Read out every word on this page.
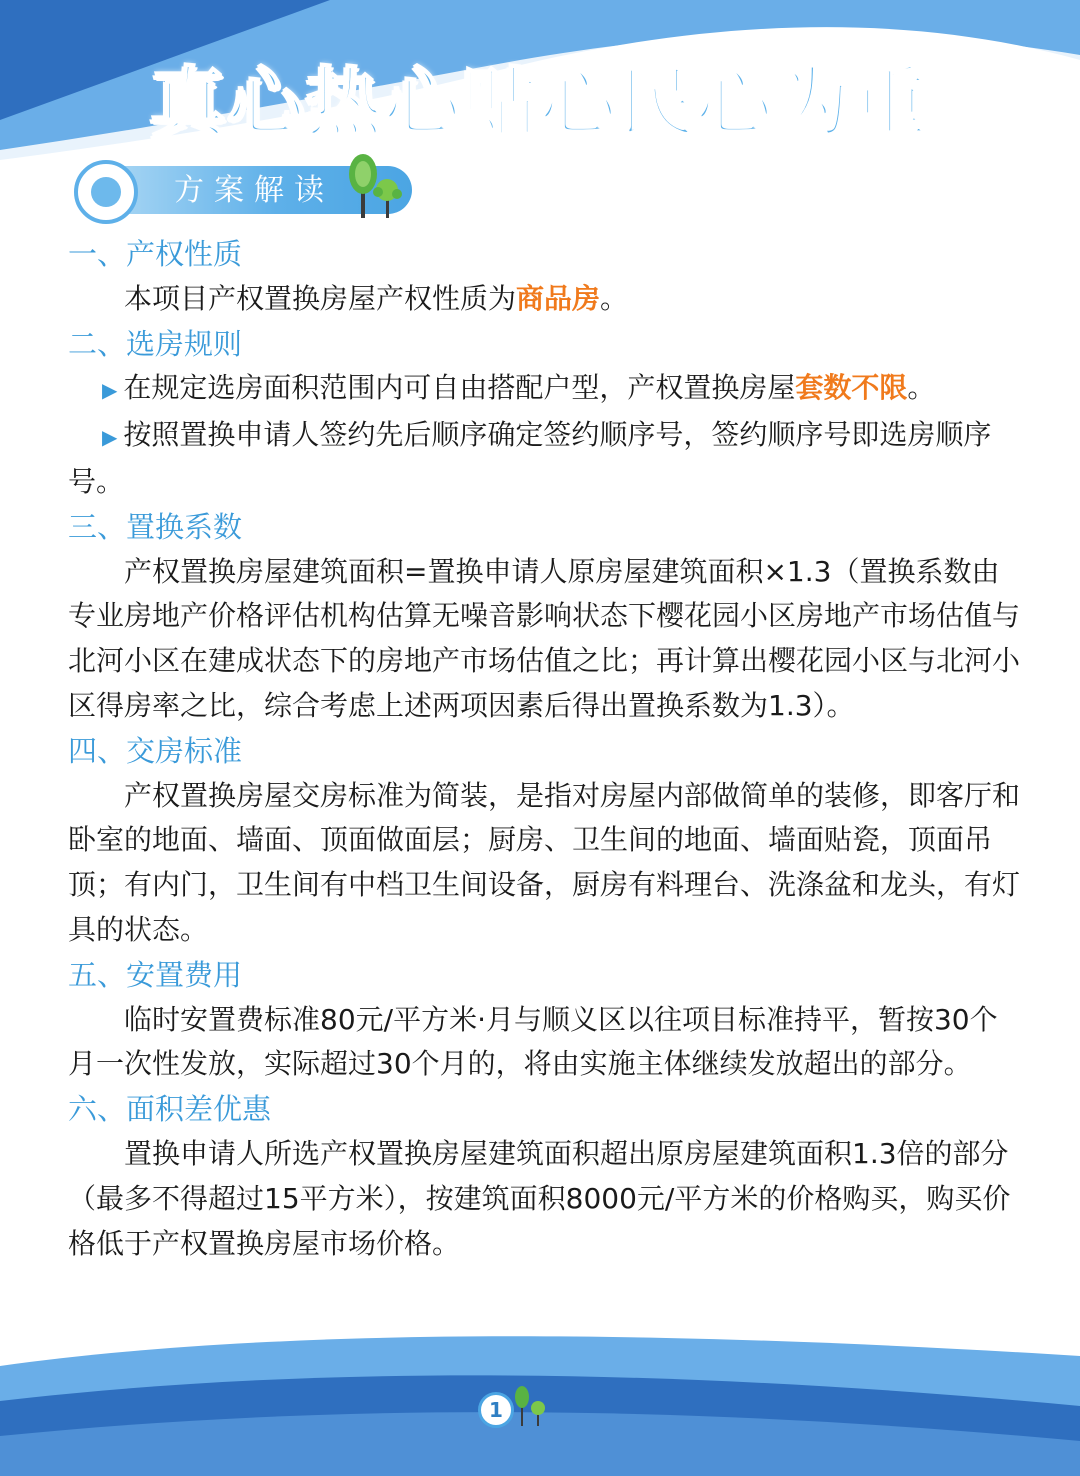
真心热心贴心民心为重
方案解读

一、产权性质

本项目产权置换房屋产权性质为商品房。

二、选房规则

▶ 在规定选房面积范围内可自由搭配户型，产权置换房屋套数不限。

▶ 按照置换申请人签约先后顺序确定签约顺序号，签约顺序号即选房顺序号。

三、置换系数

产权置换房屋建筑面积=置换申请人原房屋建筑面积×1.3（置换系数由专业房地产价格评估机构估算无噪音影响状态下樱花园小区房地产市场估值与北河小区在建成状态下的房地产市场估值之比；再计算出樱花园小区与北河小区得房率之比，综合考虑上述两项因素后得出置换系数为1.3）。

四、交房标准

产权置换房屋交房标准为简装，是指对房屋内部做简单的装修，即客厅和卧室的地面、墙面、顶面做面层；厨房、卫生间的地面、墙面贴瓷，顶面吊顶；有内门，卫生间有中档卫生间设备，厨房有料理台、洗涤盆和龙头，有灯具的状态。

五、安置费用

临时安置费标准80元/平方米·月与顺义区以往项目标准持平，暂按30个月一次性发放，实际超过30个月的，将由实施主体继续发放超出的部分。

六、面积差优惠

置换申请人所选产权置换房屋建筑面积超出原房屋建筑面积1.3倍的部分（最多不得超过15平方米），按建筑面积8000元/平方米的价格购买，购买价格低于产权置换房屋市场价格。

1
